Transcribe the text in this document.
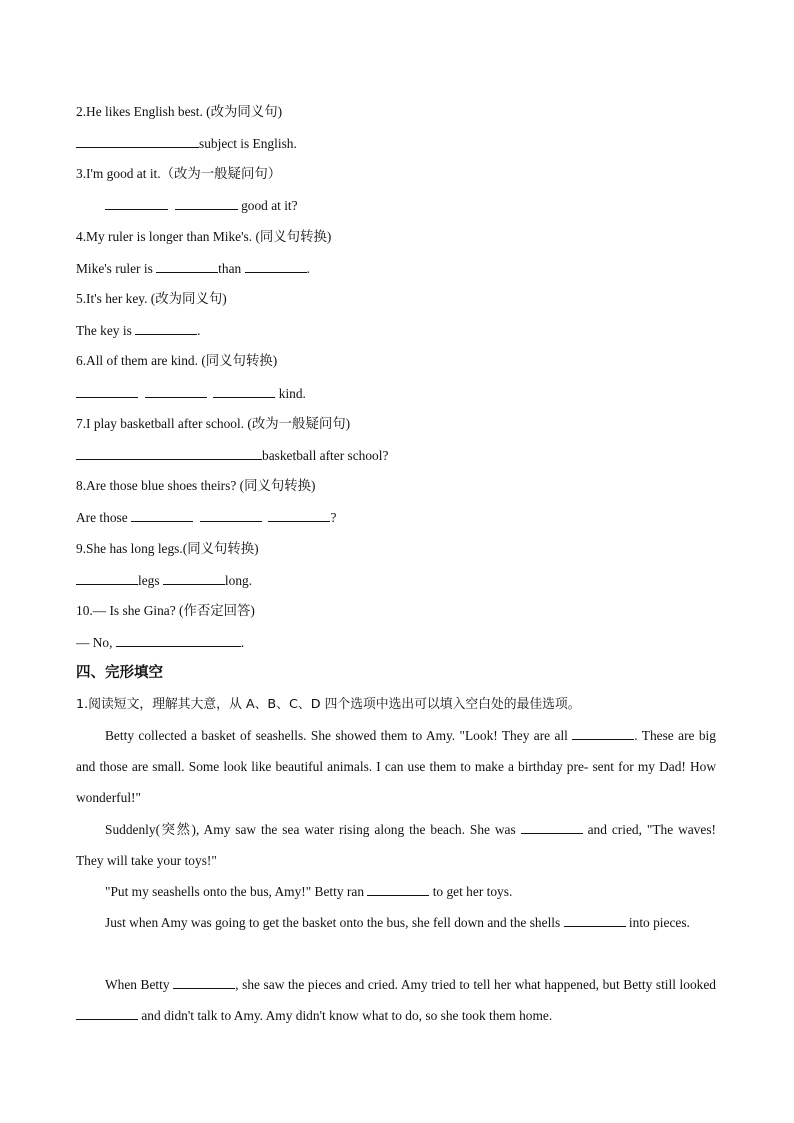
2.He likes English best. (改为同义句)
subject is English.
3.I'm good at it.（改为一般疑问句）
good at it?
4.My ruler is longer than Mike's. (同义句转换)
Mike's ruler is	than	.
5.It's her key. (改为同义句)
The key is	.
6.All of them are kind. (同义句转换)
kind.
7.I play basketball after school. (改为一般疑问句)
basketball after school?
8.Are those blue shoes theirs? (同义句转换)
Are those	?
9.She has long legs.(同义句转换)
legs	long.
10.— Is she Gina? (作否定回答)
— No,	.
四、完形填空
1.阅读短文，理解其大意，从 A、B、C、D 四个选项中选出可以填入空白处的最佳选项。
Betty collected a basket of seashells. She showed them to Amy. "Look! They are all	. These are big and those are small. Some look like beautiful animals. I can use them to make a birthday pre- sent for my Dad! How wonderful!"
Suddenly(突然), Amy saw the sea water rising along the beach. She was	and cried, "The waves! They will take your toys!"
"Put my seashells onto the bus, Amy!" Betty ran	to get her toys.
Just when Amy was going to get the basket onto the bus, she fell down and the shells	into pieces.
When Betty	, she saw the pieces and cried. Amy tried to tell her what happened, but Betty still looked  and didn't talk to Amy. Amy didn't know what to do, so she took them home.
